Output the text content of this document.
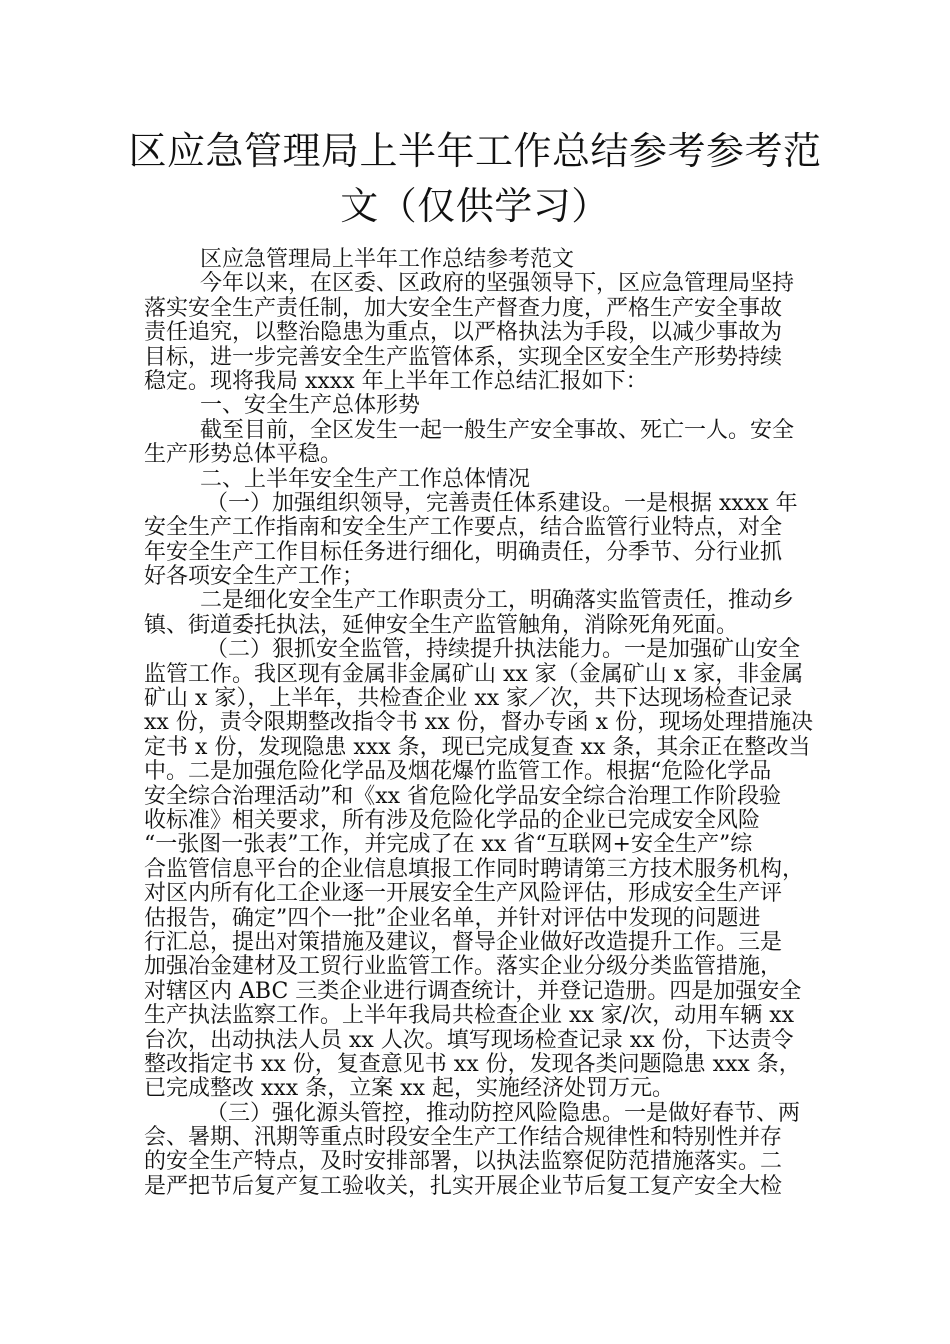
区应急管理局上半年工作总结参考参考范
文（仅供学习）
区应急管理局上半年工作总结参考范文
今年以来，在区委、区政府的坚强领导下，区应急管理局坚持
落实安全生产责任制，加大安全生产督查力度，严格生产安全事故
责任追究，以整治隐患为重点，以严格执法为手段，以减少事故为
目标，进一步完善安全生产监管体系，实现全区安全生产形势持续
稳定。现将我局 xxxx 年上半年工作总结汇报如下：
一、安全生产总体形势
截至目前，全区发生一起一般生产安全事故、死亡一人。安全
生产形势总体平稳。
二、上半年安全生产工作总体情况
（一）加强组织领导，完善责任体系建设。一是根据 xxxx 年
安全生产工作指南和安全生产工作要点，结合监管行业特点，对全
年安全生产工作目标任务进行细化，明确责任，分季节、分行业抓
好各项安全生产工作；
二是细化安全生产工作职责分工，明确落实监管责任，推动乡
镇、街道委托执法，延伸安全生产监管触角，消除死角死面。
（二）狠抓安全监管，持续提升执法能力。一是加强矿山安全
监管工作。我区现有金属非金属矿山 xx 家（金属矿山 x 家，非金属
矿山 x 家），上半年，共检查企业 xx 家／次，共下达现场检查记录
xx 份，责令限期整改指令书 xx 份，督办专函 x 份，现场处理措施决
定书 x 份，发现隐患 xxx 条，现已完成复查 xx 条，其余正在整改当
中。二是加强危险化学品及烟花爆竹监管工作。根据“危险化学品
安全综合治理活动”和《xx 省危险化学品安全综合治理工作阶段验
收标准》相关要求，所有涉及危险化学品的企业已完成安全风险
“一张图一张表”工作，并完成了在 xx 省“互联网+安全生产”综
合监管信息平台的企业信息填报工作同时聘请第三方技术服务机构，
对区内所有化工企业逐一开展安全生产风险评估，形成安全生产评
估报告，确定”四个一批”企业名单，并针对评估中发现的问题进
行汇总，提出对策措施及建议，督导企业做好改造提升工作。三是
加强冶金建材及工贸行业监管工作。落实企业分级分类监管措施，
对辖区内 ABC 三类企业进行调查统计，并登记造册。四是加强安全
生产执法监察工作。上半年我局共检查企业 xx 家/次，动用车辆 xx
台次，出动执法人员 xx 人次。填写现场检查记录 xx 份，下达责令
整改指定书 xx 份，复查意见书 xx 份，发现各类问题隐患 xxx 条，
已完成整改 xxx 条，立案 xx 起，实施经济处罚万元。
（三）强化源头管控，推动防控风险隐患。一是做好春节、两
会、暑期、汛期等重点时段安全生产工作结合规律性和特别性并存
的安全生产特点，及时安排部署，以执法监察促防范措施落实。二
是严把节后复产复工验收关，扎实开展企业节后复工复产安全大检
